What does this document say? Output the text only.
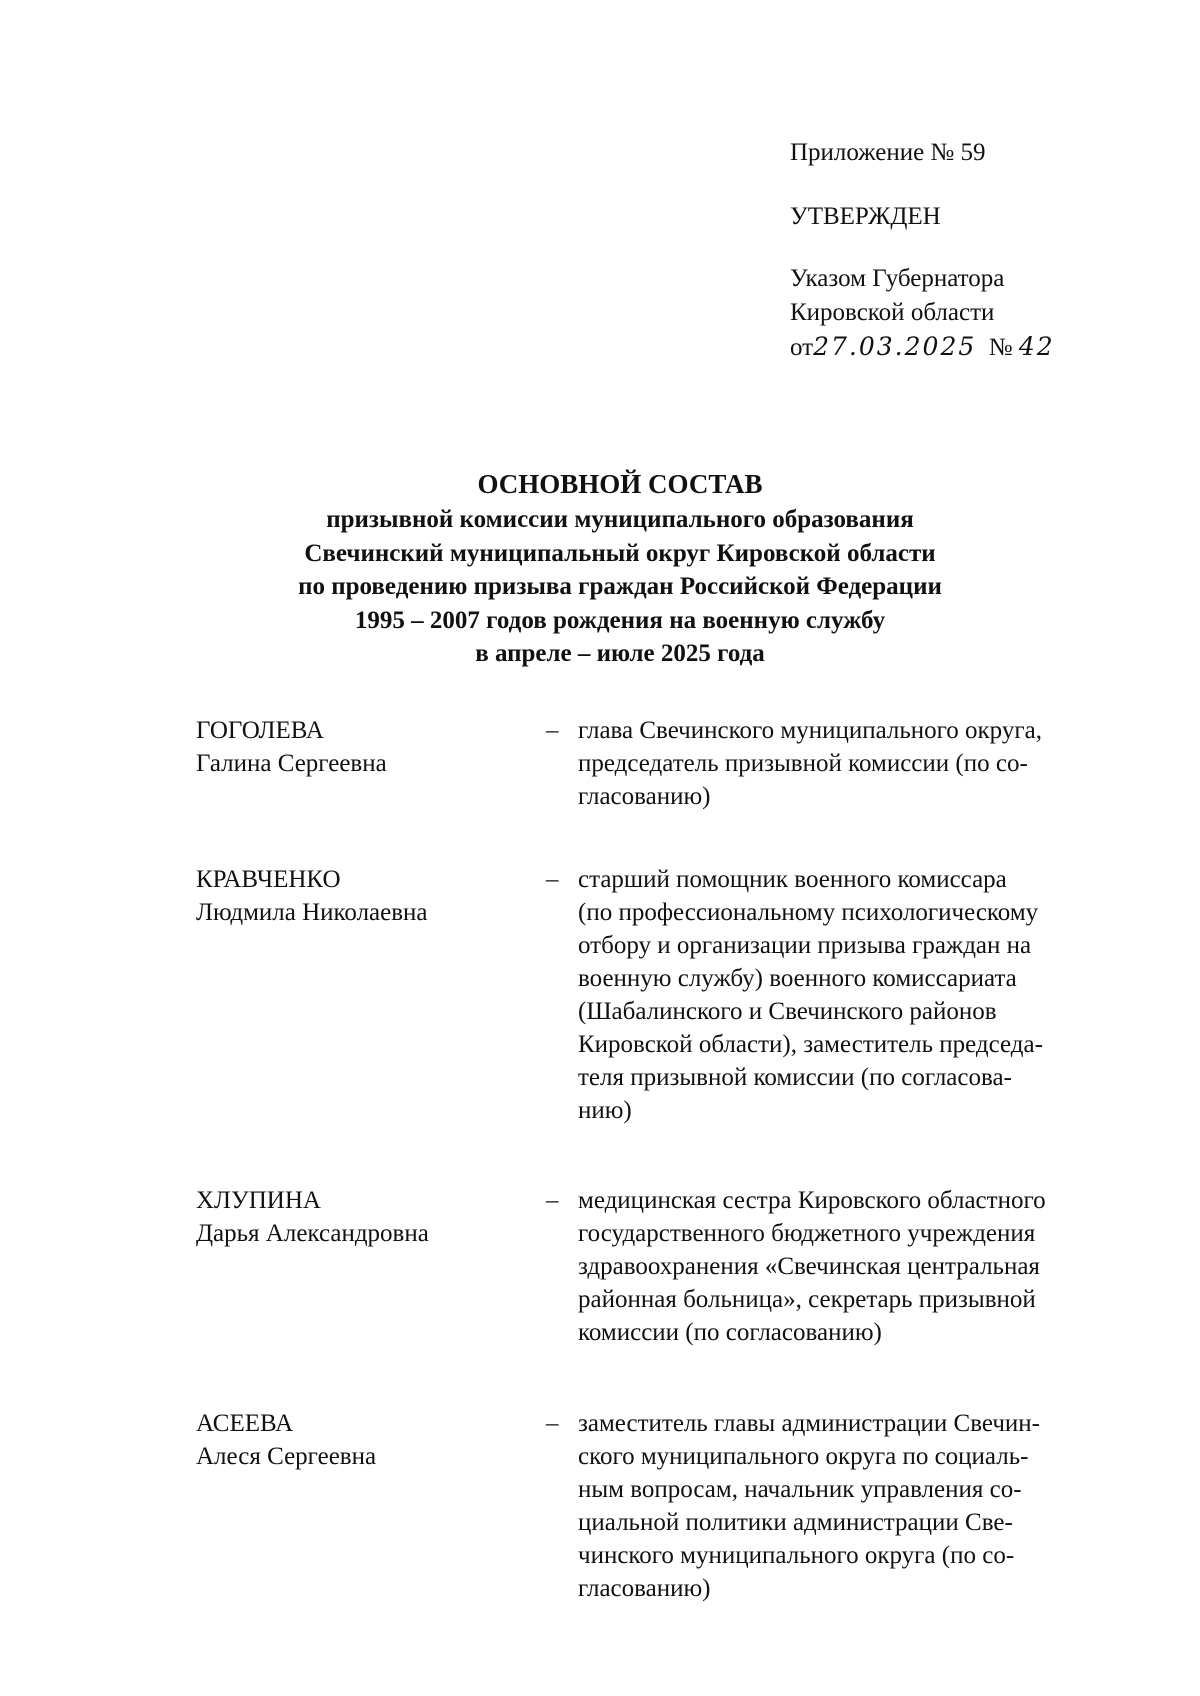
Приложение № 59
УТВЕРЖДЕН
Указом Губернатора
Кировской области
от27.03.2025 № 42
ОСНОВНОЙ СОСТАВ
призывной комиссии муниципального образования
Свечинский муниципальный округ Кировской области
по проведению призыва граждан Российской Федерации
1995 – 2007 годов рождения на военную службу
в апреле – июле 2025 года
ГОГОЛЕВА
Галина Сергеевна
– глава Свечинского муниципального округа,
председатель призывной комиссии (по со-
гласованию)
КРАВЧЕНКО
Людмила Николаевна
– старший помощник военного комиссара
(по профессиональному психологическому
отбору и организации призыва граждан на
военную службу) военного комиссариата
(Шабалинского и Свечинского районов
Кировской области), заместитель председа-
теля призывной комиссии (по согласова-
нию)
ХЛУПИНА
Дарья Александровна
– медицинская сестра Кировского областного
государственного бюджетного учреждения
здравоохранения «Свечинская центральная
районная больница», секретарь призывной
комиссии (по согласованию)
АСЕЕВА
Алеся Сергеевна
– заместитель главы администрации Свечин-
ского муниципального округа по социаль-
ным вопросам, начальник управления со-
циальной политики администрации Све-
чинского муниципального округа (по со-
гласованию)
